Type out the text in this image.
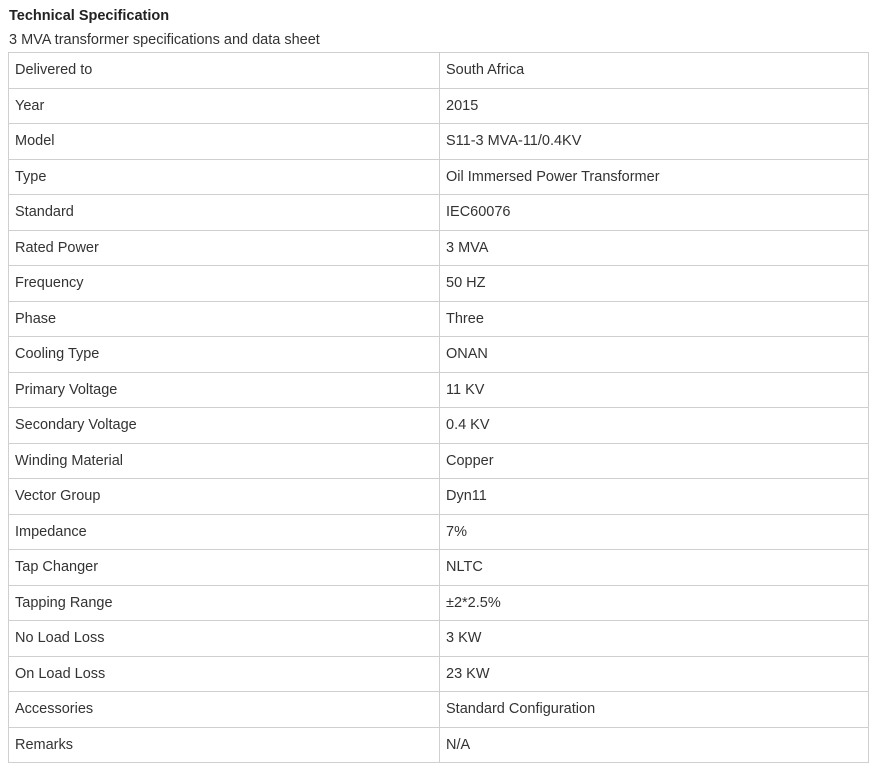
Technical Specification
3 MVA transformer specifications and data sheet
Delivered to	South Africa
Year	2015
Model	S11-3 MVA-11/0.4KV
Type	Oil Immersed Power Transformer
Standard	IEC60076
Rated Power	3 MVA
Frequency	50 HZ
Phase	Three
Cooling Type	ONAN
Primary Voltage	11 KV
Secondary Voltage	0.4 KV
Winding Material	Copper
Vector Group	Dyn11
Impedance	7%
Tap Changer	NLTC
Tapping Range	±2*2.5%
No Load Loss	3 KW
On Load Loss	23 KW
Accessories	Standard Configuration
Remarks	N/A
